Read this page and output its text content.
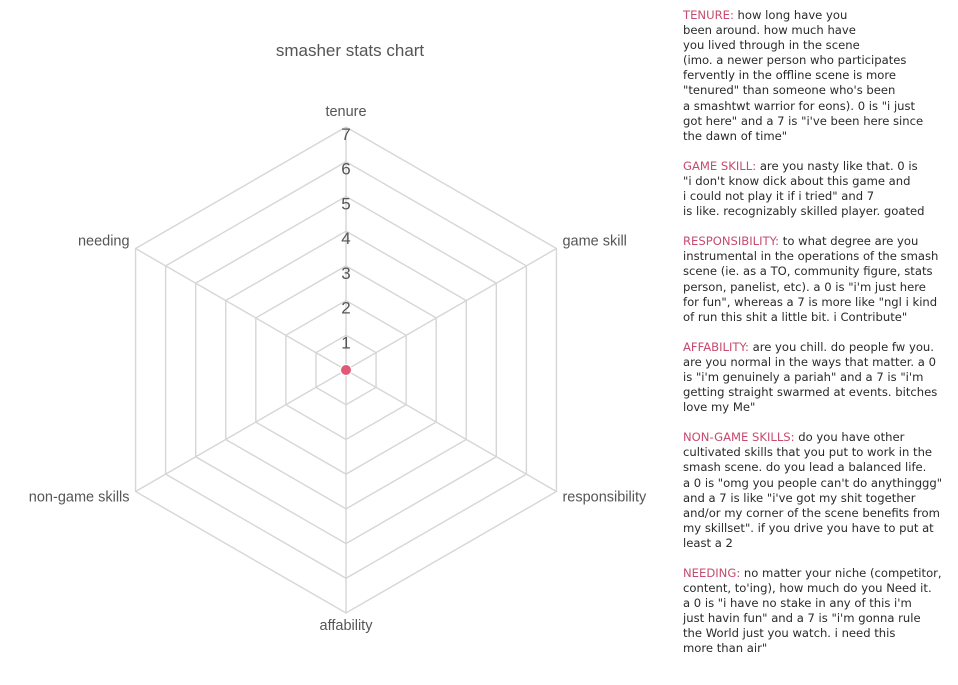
smasher stats chart
1
2
3
4
5
6
7
tenure
game skill
responsibility
affability
non-game skills
needing
TENURE: how long have you
been around. how much have
you lived through in the scene
(imo. a newer person who participates
fervently in the offline scene is more
"tenured" than someone who's been
a smashtwt warrior for eons). 0 is "i just
got here" and a 7 is "i've been here since
the dawn of time"
GAME SKILL: are you nasty like that. 0 is
"i don't know dick about this game and
i could not play it if i tried" and 7
is like. recognizably skilled player. goated
RESPONSIBILITY: to what degree are you
instrumental in the operations of the smash
scene (ie. as a TO, community figure, stats
person, panelist, etc). a 0 is "i'm just here
for fun", whereas a 7 is more like "ngl i kind
of run this shit a little bit. i Contribute"
AFFABILITY: are you chill. do people fw you.
are you normal in the ways that matter. a 0
is "i'm genuinely a pariah" and a 7 is "i'm
getting straight swarmed at events. bitches
love my Me"
NON-GAME SKILLS: do you have other
cultivated skills that you put to work in the
smash scene. do you lead a balanced life.
a 0 is "omg you people can't do anythinggg"
and a 7 is like "i've got my shit together
and/or my corner of the scene benefits from
my skillset". if you drive you have to put at
least a 2
NEEDING: no matter your niche (competitor,
content, to'ing), how much do you Need it.
a 0 is "i have no stake in any of this i'm
just havin fun" and a 7 is "i'm gonna rule
the World just you watch. i need this
more than air"
